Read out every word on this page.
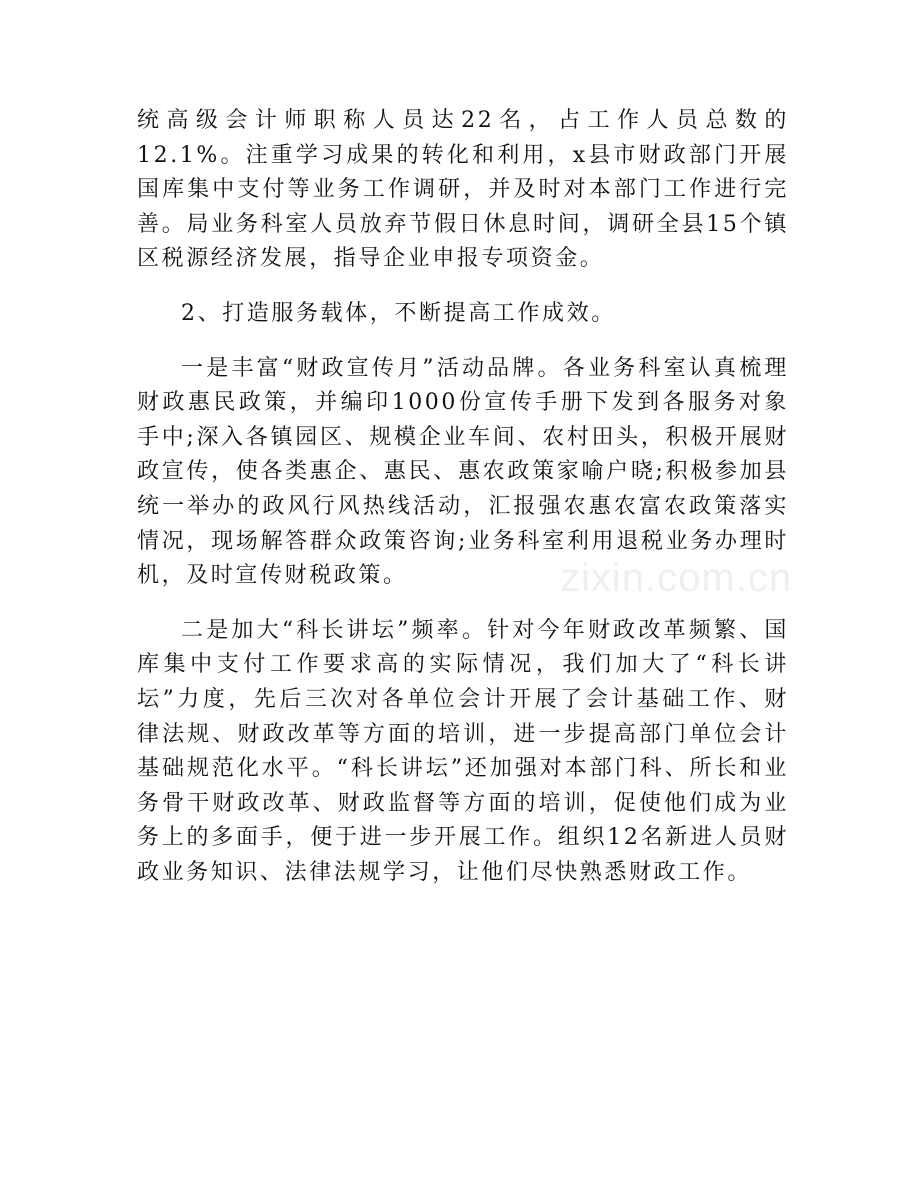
统高级会计师职称人员达22名，占工作人员总数的12.1%。注重学习成果的转化和利用，x县市财政部门开展国库集中支付等业务工作调研，并及时对本部门工作进行完善。局业务科室人员放弃节假日休息时间，调研全县15个镇区税源经济发展，指导企业申报专项资金。

2、打造服务载体，不断提高工作成效。

一是丰富“财政宣传月”活动品牌。各业务科室认真梳理财政惠民政策，并编印1000份宣传手册下发到各服务对象手中;深入各镇园区、规模企业车间、农村田头，积极开展财政宣传，使各类惠企、惠民、惠农政策家喻户晓;积极参加县统一举办的政风行风热线活动，汇报强农惠农富农政策落实情况，现场解答群众政策咨询;业务科室利用退税业务办理时机，及时宣传财税政策。

二是加大“科长讲坛”频率。针对今年财政改革频繁、国库集中支付工作要求高的实际情况，我们加大了“科长讲坛”力度，先后三次对各单位会计开展了会计基础工作、财律法规、财政改革等方面的培训，进一步提高部门单位会计基础规范化水平。“科长讲坛”还加强对本部门科、所长和业务骨干财政改革、财政监督等方面的培训，促使他们成为业务上的多面手，便于进一步开展工作。组织12名新进人员财政业务知识、法律法规学习，让他们尽快熟悉财政工作。

zixin.com.cn
